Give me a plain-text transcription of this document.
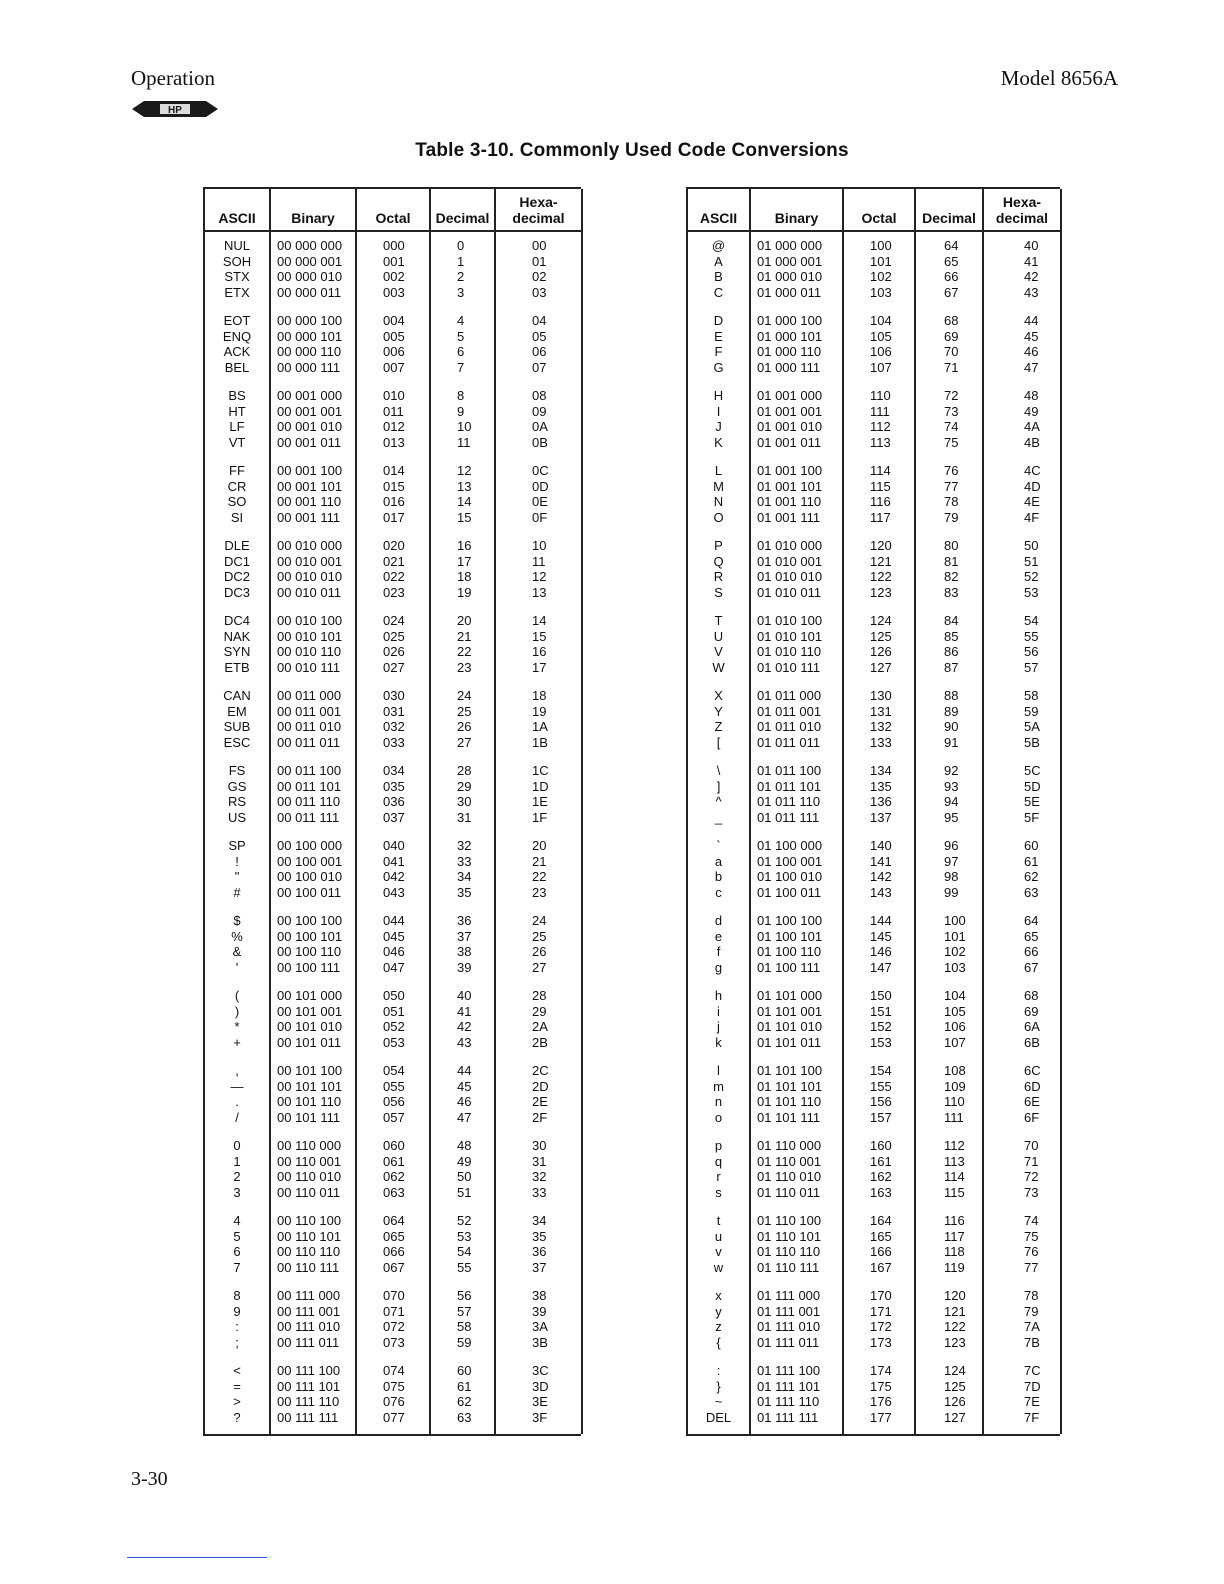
Operation	Model 8656A
HP
Table 3-10. Commonly Used Code Conversions
ASCII
NUL
SOH
STX
ETX
EOT
ENQ
ACK
BEL
BS
HT
LF
VT
FF
CR
SO
SI
DLE
DC1
DC2
DC3
DC4
NAK
SYN
ETB
CAN
EM
SUB
ESC
FS
GS
RS
US
SP
!
"
#
$
%
&
'
(
)
*
+
,
—
.
/
0
1
2
3
4
5
6
7
8
9
:
;
<
=
>
?
Binary
00 000 000
00 000 001
00 000 010
00 000 011
00 000 100
00 000 101
00 000 110
00 000 111
00 001 000
00 001 001
00 001 010
00 001 011
00 001 100
00 001 101
00 001 110
00 001 111
00 010 000
00 010 001
00 010 010
00 010 011
00 010 100
00 010 101
00 010 110
00 010 111
00 011 000
00 011 001
00 011 010
00 011 011
00 011 100
00 011 101
00 011 110
00 011 111
00 100 000
00 100 001
00 100 010
00 100 011
00 100 100
00 100 101
00 100 110
00 100 111
00 101 000
00 101 001
00 101 010
00 101 011
00 101 100
00 101 101
00 101 110
00 101 111
00 110 000
00 110 001
00 110 010
00 110 011
00 110 100
00 110 101
00 110 110
00 110 111
00 111 000
00 111 001
00 111 010
00 111 011
00 111 100
00 111 101
00 111 110
00 111 111
Octal
000
001
002
003
004
005
006
007
010
011
012
013
014
015
016
017
020
021
022
023
024
025
026
027
030
031
032
033
034
035
036
037
040
041
042
043
044
045
046
047
050
051
052
053
054
055
056
057
060
061
062
063
064
065
066
067
070
071
072
073
074
075
076
077
Decimal
0
1
2
3
4
5
6
7
8
9
10
11
12
13
14
15
16
17
18
19
20
21
22
23
24
25
26
27
28
29
30
31
32
33
34
35
36
37
38
39
40
41
42
43
44
45
46
47
48
49
50
51
52
53
54
55
56
57
58
59
60
61
62
63
Hexa-
decimal
00
01
02
03
04
05
06
07
08
09
0A
0B
0C
0D
0E
0F
10
11
12
13
14
15
16
17
18
19
1A
1B
1C
1D
1E
1F
20
21
22
23
24
25
26
27
28
29
2A
2B
2C
2D
2E
2F
30
31
32
33
34
35
36
37
38
39
3A
3B
3C
3D
3E
3F
ASCII
@
A
B
C
D
E
F
G
H
I
J
K
L
M
N
O
P
Q
R
S
T
U
V
W
X
Y
Z
[
\
]
^
_
`
a
b
c
d
e
f
g
h
i
j
k
l
m
n
o
p
q
r
s
t
u
v
w
x
y
z
{
:
}
~
DEL
Binary
01 000 000
01 000 001
01 000 010
01 000 011
01 000 100
01 000 101
01 000 110
01 000 111
01 001 000
01 001 001
01 001 010
01 001 011
01 001 100
01 001 101
01 001 110
01 001 111
01 010 000
01 010 001
01 010 010
01 010 011
01 010 100
01 010 101
01 010 110
01 010 111
01 011 000
01 011 001
01 011 010
01 011 011
01 011 100
01 011 101
01 011 110
01 011 111
01 100 000
01 100 001
01 100 010
01 100 011
01 100 100
01 100 101
01 100 110
01 100 111
01 101 000
01 101 001
01 101 010
01 101 011
01 101 100
01 101 101
01 101 110
01 101 111
01 110 000
01 110 001
01 110 010
01 110 011
01 110 100
01 110 101
01 110 110
01 110 111
01 111 000
01 111 001
01 111 010
01 111 011
01 111 100
01 111 101
01 111 110
01 111 111
Octal
100
101
102
103
104
105
106
107
110
111
112
113
114
115
116
117
120
121
122
123
124
125
126
127
130
131
132
133
134
135
136
137
140
141
142
143
144
145
146
147
150
151
152
153
154
155
156
157
160
161
162
163
164
165
166
167
170
171
172
173
174
175
176
177
Decimal
64
65
66
67
68
69
70
71
72
73
74
75
76
77
78
79
80
81
82
83
84
85
86
87
88
89
90
91
92
93
94
95
96
97
98
99
100
101
102
103
104
105
106
107
108
109
110
111
112
113
114
115
116
117
118
119
120
121
122
123
124
125
126
127
Hexa-
decimal
40
41
42
43
44
45
46
47
48
49
4A
4B
4C
4D
4E
4F
50
51
52
53
54
55
56
57
58
59
5A
5B
5C
5D
5E
5F
60
61
62
63
64
65
66
67
68
69
6A
6B
6C
6D
6E
6F
70
71
72
73
74
75
76
77
78
79
7A
7B
7C
7D
7E
7F
3-30
